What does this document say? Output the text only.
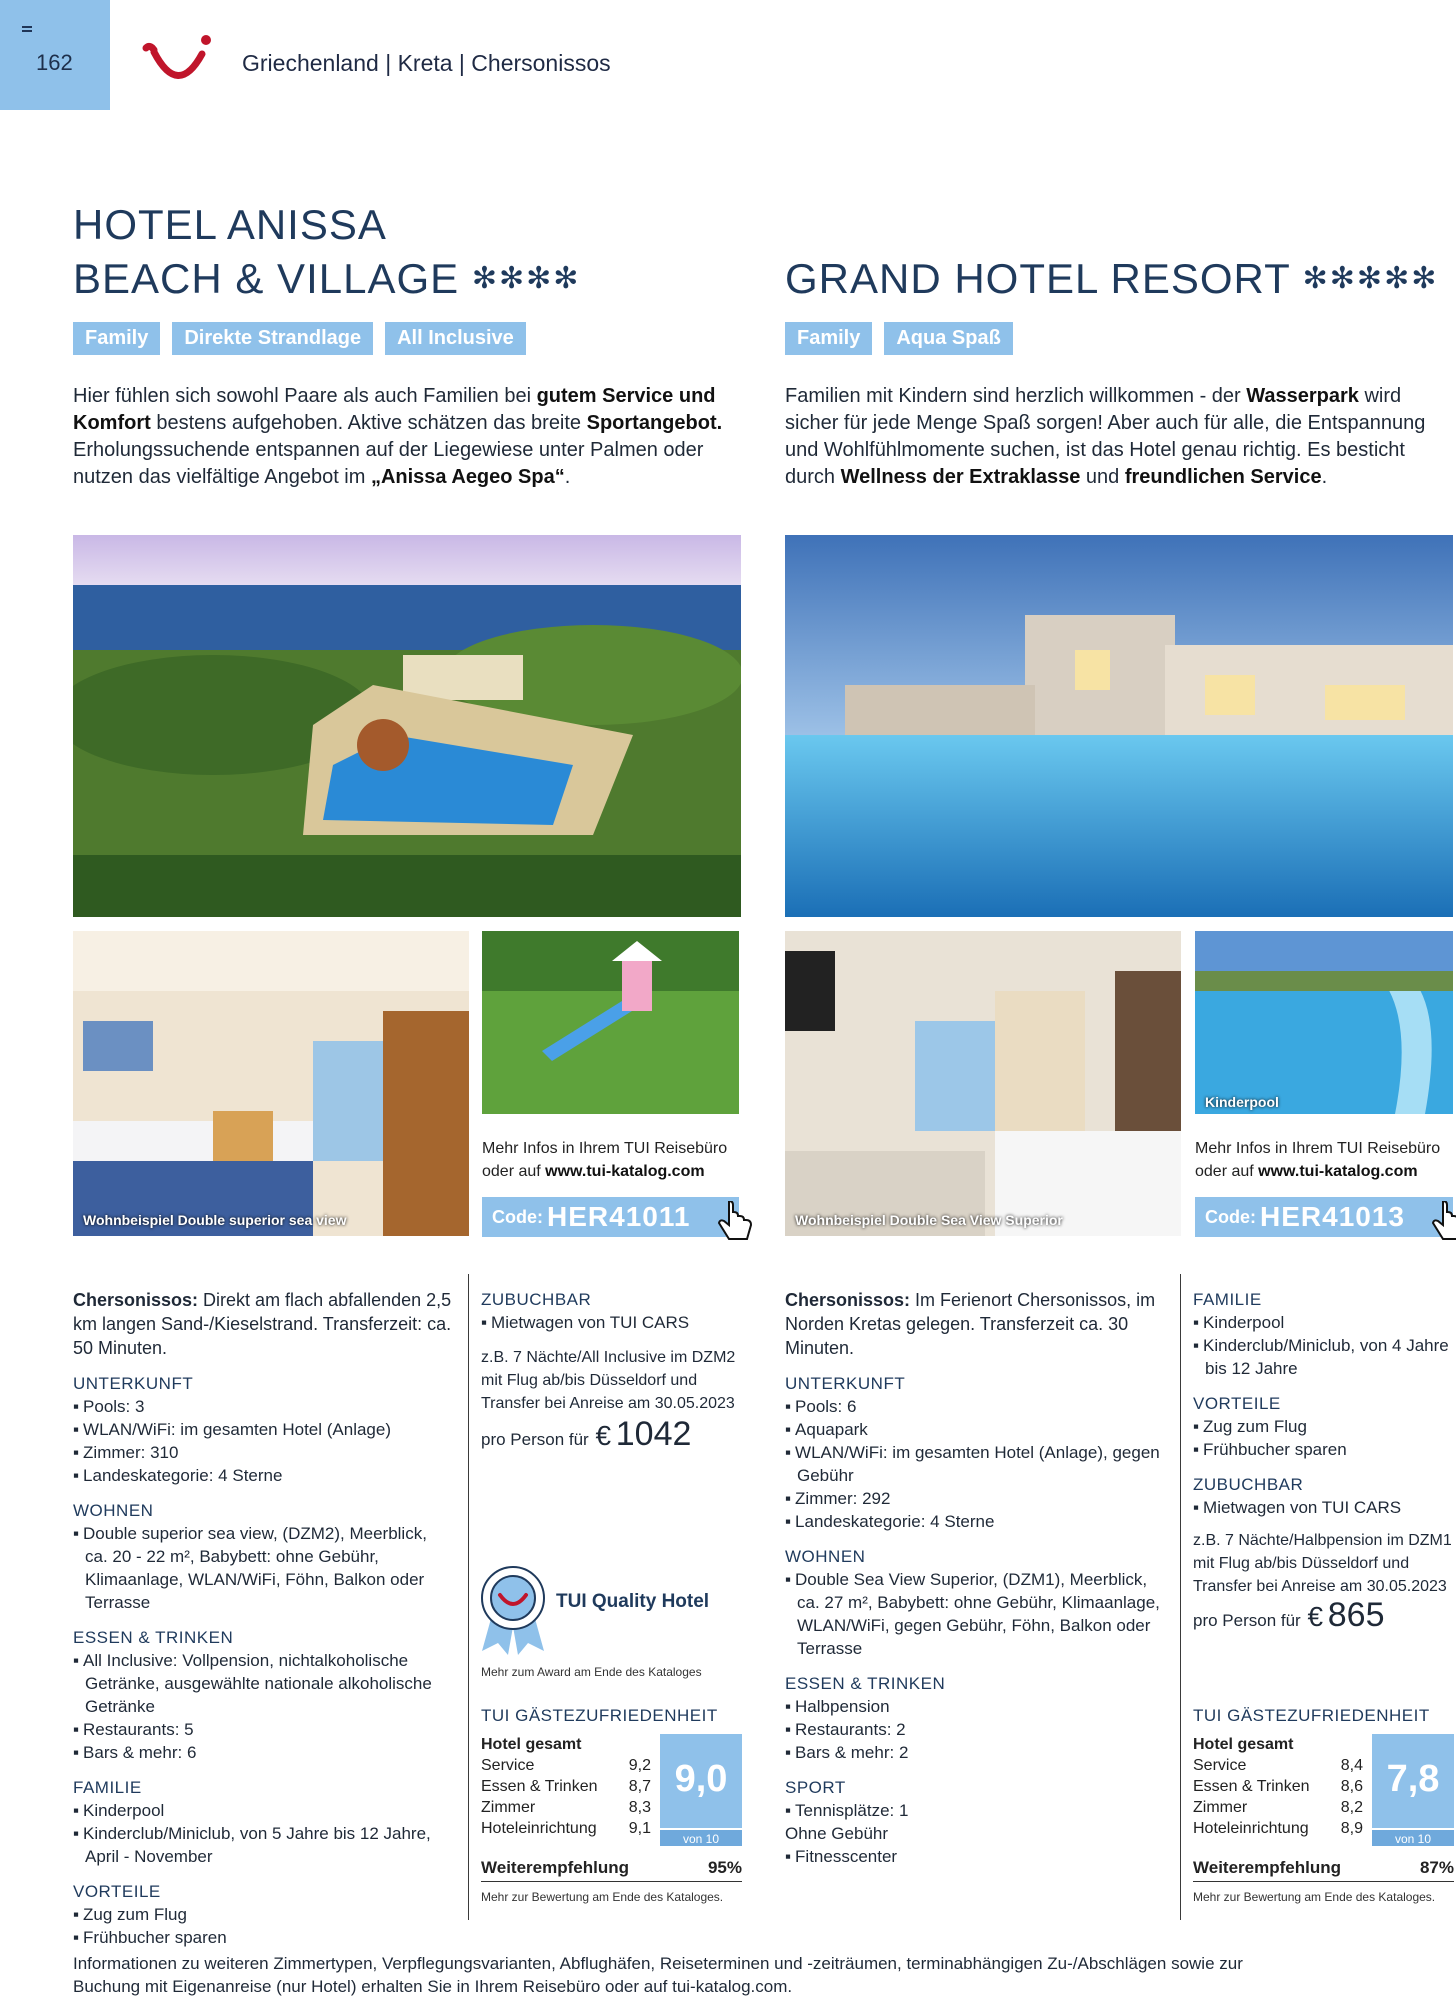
162	Griechenland | Kreta | Chersonissos
HOTEL ANISSA
BEACH & VILLAGE ✻✻✻✻
Family	Direkte Strandlage	All Inclusive
Hier fühlen sich sowohl Paare als auch Familien bei gutem Service und Komfort bestens aufgehoben. Aktive schätzen das breite Sportangebot. Erholungssuchende entspannen auf der Liegewiese unter Palmen oder nutzen das vielfältige Angebot im „Anissa Aegeo Spa“.
GRAND HOTEL RESORT ✻✻✻✻✻
Family	Aqua Spaß
Familien mit Kindern sind herzlich willkommen - der Wasserpark wird sicher für jede Menge Spaß sorgen! Aber auch für alle, die Entspannung und Wohlfühlmomente suchen, ist das Hotel genau richtig. Es besticht durch Wellness der Extraklasse und freundlichen Service.
Wohnbeispiel Double superior sea view
Mehr Infos in Ihrem TUI Reisebüro
oder auf www.tui-katalog.com
Code: HER41011	Wohnbeispiel Double Sea View Superior
Kinderpool
Mehr Infos in Ihrem TUI Reisebüro
oder auf www.tui-katalog.com
Code: HER41013
Chersonissos: Direkt am flach abfallenden 2,5 km langen Sand-/Kieselstrand. Transferzeit: ca. 50 Minuten.
UNTERKUNFT
▪ Pools: 3
▪ WLAN/WiFi: im gesamten Hotel (Anlage)
▪ Zimmer: 310
▪ Landeskategorie: 4 Sterne
WOHNEN
▪ Double superior sea view, (DZM2), Meerblick, ca. 20 - 22 m², Babybett: ohne Gebühr, Klimaanlage, WLAN/WiFi, Föhn, Balkon oder Terrasse
ESSEN & TRINKEN
▪ All Inclusive: Vollpension, nichtalkoholische Getränke, ausgewählte nationale alkoholische Getränke
▪ Restaurants: 5
▪ Bars & mehr: 6
FAMILIE
▪ Kinderpool
▪ Kinderclub/Miniclub, von 5 Jahre bis 12 Jahre, April - November
VORTEILE
▪ Zug zum Flug
▪ Frühbucher sparen
ZUBUCHBAR
▪ Mietwagen von TUI CARS
z.B. 7 Nächte/All Inclusive im DZM2 mit Flug ab/bis Düsseldorf und Transfer bei Anreise am 30.05.2023
pro Person für € 1042
TUI Quality Hotel
Mehr zum Award am Ende des Kataloges
TUI GÄSTEZUFRIEDENHEIT
Hotel gesamt
Service	9,2
Essen & Trinken 8,7
Zimmer	8,3
Hoteleinrichtung 9,1
9,0
von 10
Weiterempfehlung	95%
Mehr zur Bewertung am Ende des Kataloges.
Chersonissos: Im Ferienort Chersonissos, im Norden Kretas gelegen. Transferzeit ca. 30 Minuten.
UNTERKUNFT
▪ Pools: 6
▪ Aquapark
▪ WLAN/WiFi: im gesamten Hotel (Anlage), gegen Gebühr
▪ Zimmer: 292
▪ Landeskategorie: 4 Sterne
WOHNEN
▪ Double Sea View Superior, (DZM1), Meerblick, ca. 27 m², Babybett: ohne Gebühr, Klimaanlage, WLAN/WiFi, gegen Gebühr, Föhn, Balkon oder Terrasse
ESSEN & TRINKEN
▪ Halbpension
▪ Restaurants: 2
▪ Bars & mehr: 2
SPORT
▪ Tennisplätze: 1
Ohne Gebühr
▪ Fitnesscenter
FAMILIE
▪ Kinderpool
▪ Kinderclub/Miniclub, von 4 Jahre bis 12 Jahre
VORTEILE
▪ Zug zum Flug
▪ Frühbucher sparen
ZUBUCHBAR
▪ Mietwagen von TUI CARS
z.B. 7 Nächte/Halbpension im DZM1 mit Flug ab/bis Düsseldorf und Transfer bei Anreise am 30.05.2023
pro Person für € 865
TUI GÄSTEZUFRIEDENHEIT
Hotel gesamt
Service	8,4
Essen & Trinken 8,6
Zimmer	8,2
Hoteleinrichtung 8,9
7,8
von 10
Weiterempfehlung	87%
Mehr zur Bewertung am Ende des Kataloges.
Informationen zu weiteren Zimmertypen, Verpflegungsvarianten, Abflughäfen, Reiseterminen und -zeiträumen, terminabhängigen Zu-/Abschlägen sowie zur Buchung mit Eigenanreise (nur Hotel) erhalten Sie in Ihrem Reisebüro oder auf tui-katalog.com.
